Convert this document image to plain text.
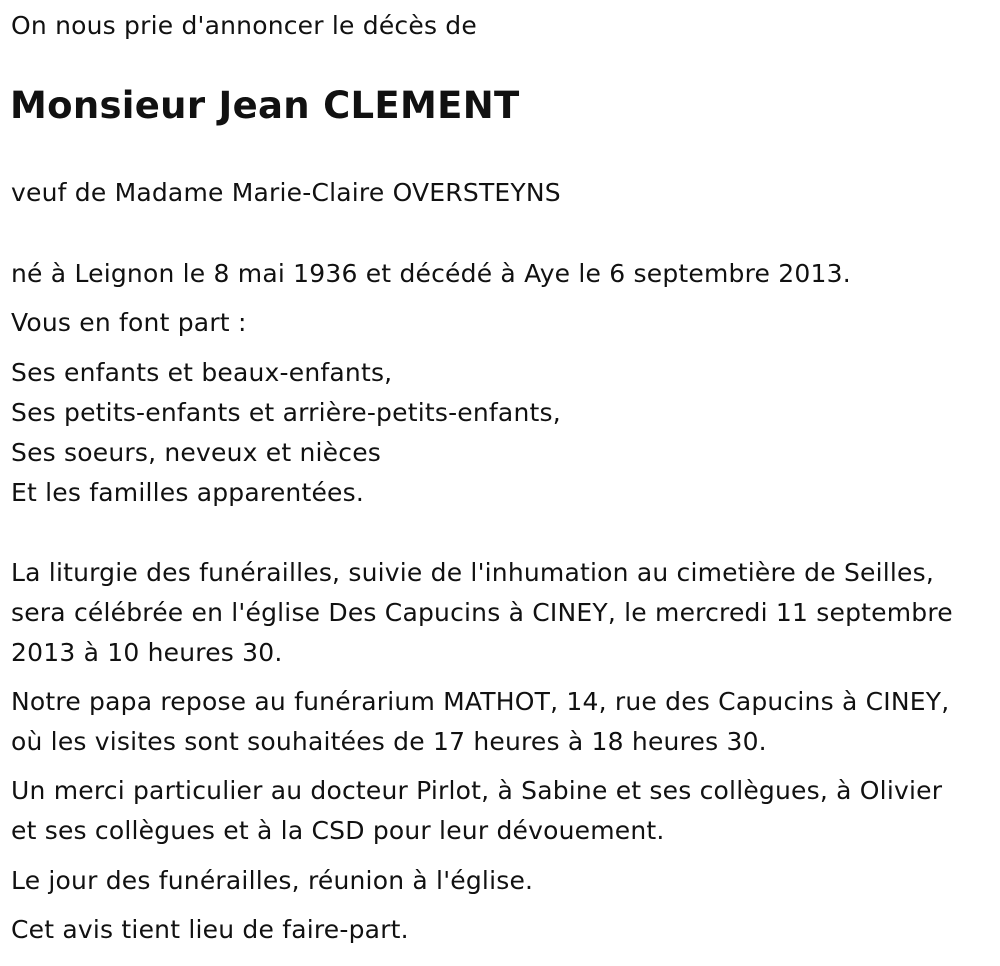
On nous prie d'annoncer le décès de
Monsieur Jean CLEMENT
veuf de Madame Marie-Claire OVERSTEYNS
né à Leignon le 8 mai 1936 et décédé à Aye le 6 septembre 2013.
Vous en font part :
Ses enfants et beaux-enfants,
Ses petits-enfants et arrière-petits-enfants,
Ses soeurs, neveux et nièces
Et les familles apparentées.
La liturgie des funérailles, suivie de l'inhumation au cimetière de Seilles,
sera célébrée en l'église Des Capucins à CINEY, le mercredi 11 septembre
2013 à 10 heures 30.
Notre papa repose au funérarium MATHOT, 14, rue des Capucins à CINEY,
où les visites sont souhaitées de 17 heures à 18 heures 30.
Un merci particulier au docteur Pirlot, à Sabine et ses collègues, à Olivier
et ses collègues et à la CSD pour leur dévouement.
Le jour des funérailles, réunion à l'église.
Cet avis tient lieu de faire-part.
